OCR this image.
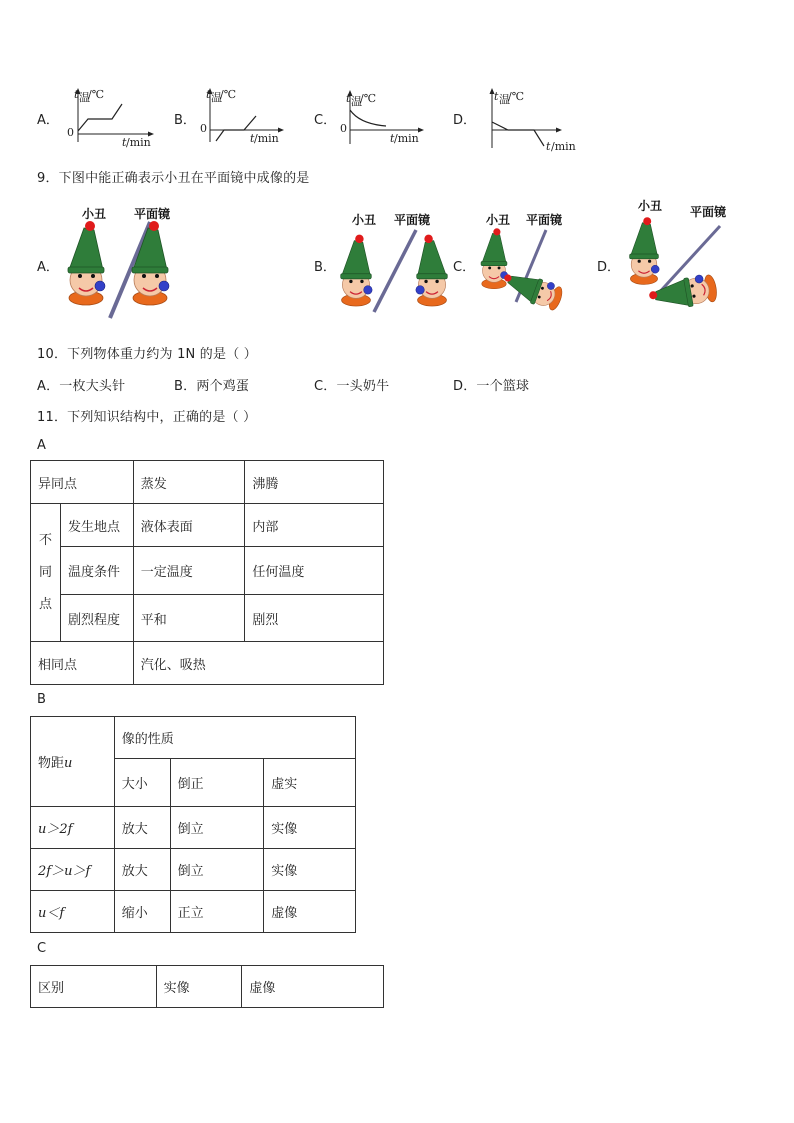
A．
t 温
/℃
0
t /min
B．
t 温
/℃
0
t /min
C．
t 温
/℃
0
t /min
D．
t 温
/℃
t /min
9．下图中能正确表示小丑在平面镜中成像的是
A．
小丑 平面镜
B．
小丑 平面镜
C．
小丑 平面镜
D．
小丑 平面镜
10．下列物体重力约为 1N 的是（ ）
A．一枚大头针	B．两个鸡蛋	C．一头奶牛	D．一个篮球
11．下列知识结构中，正确的是（ ）
A
异同点		蒸发	沸腾

不
同
点	发生地点	液体表面	内部
	温度条件	一定温度	任何温度
	剧烈程度	平和	剧烈
相同点		汽化、吸热	
B
物距u	像的性质		
	大小	倒正	虚实
u＞2f	放大	倒立	实像
2f＞u＞f	放大	倒立	实像
u＜f	缩小	正立	虚像
C
区别	实像	虚像
